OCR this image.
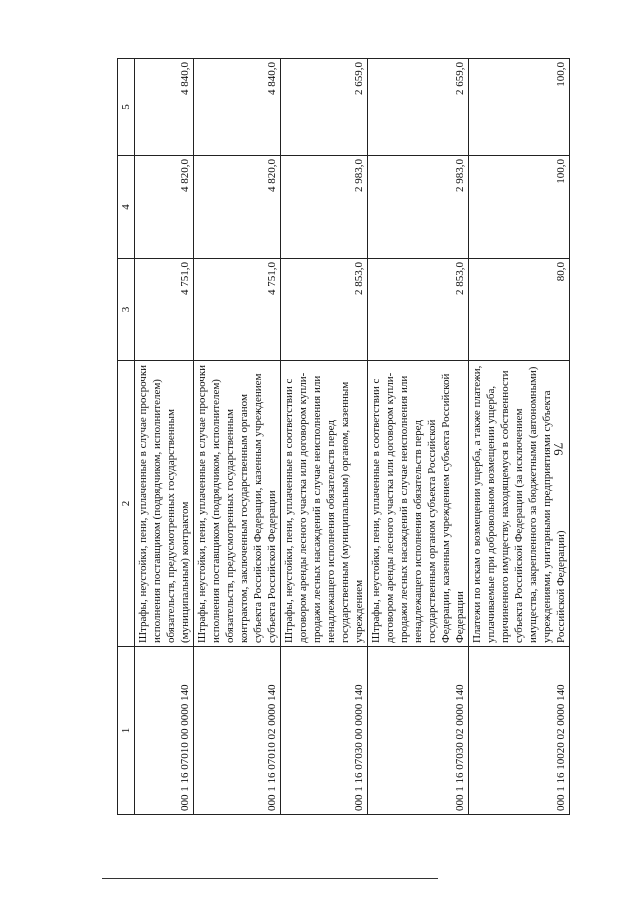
76
1	2	3	4	5
000 1 16 07010 00 0000 140	Штрафы, неустойки, пени, уплаченные в случае просрочки исполнения поставщиком (подрядчиком, исполнителем) обязательств, предусмотренных государственным (муниципальным) контрактом	4 751,0	4 820,0	4 840,0
000 1 16 07010 02 0000 140	Штрафы, неустойки, пени, уплаченные в случае просрочки исполнения поставщиком (подрядчиком, исполнителем) обязательств, предусмотренных государственным контрактом, заключенным государственным органом субъекта Российской Федерации, казенным учреждением субъекта Российской Федерации	4 751,0	4 820,0	4 840,0
000 1 16 07030 00 0000 140	Штрафы, неустойки, пени, уплаченные в соответствии с договором аренды лесного участка или договором купли-продажи лесных насаждений в случае неисполнения или ненадлежащего исполнения обязательств перед государственным (муниципальным) органом, казенным учреждением	2 853,0	2 983,0	2 659,0
000 1 16 07030 02 0000 140	Штрафы, неустойки, пени, уплаченные в соответствии с договором аренды лесного участка или договором купли-продажи лесных насаждений в случае неисполнения или ненадлежащего исполнения обязательств перед государственным органом субъекта Российской Федерации, казенным учреждением субъекта Российской Федерации	2 853,0	2 983,0	2 659,0
000 1 16 10020 02 0000 140	Платежи по искам о возмещении ущерба, а также платежи, уплачиваемые при добровольном возмещении ущерба, причиненного имуществу, находящемуся в собственности субъекта Российской Федерации (за исключением имущества, закрепленного за бюджетными (автономными) учреждениями, унитарными предприятиями субъекта Российской Федерации)	80,0	100,0	100,0
